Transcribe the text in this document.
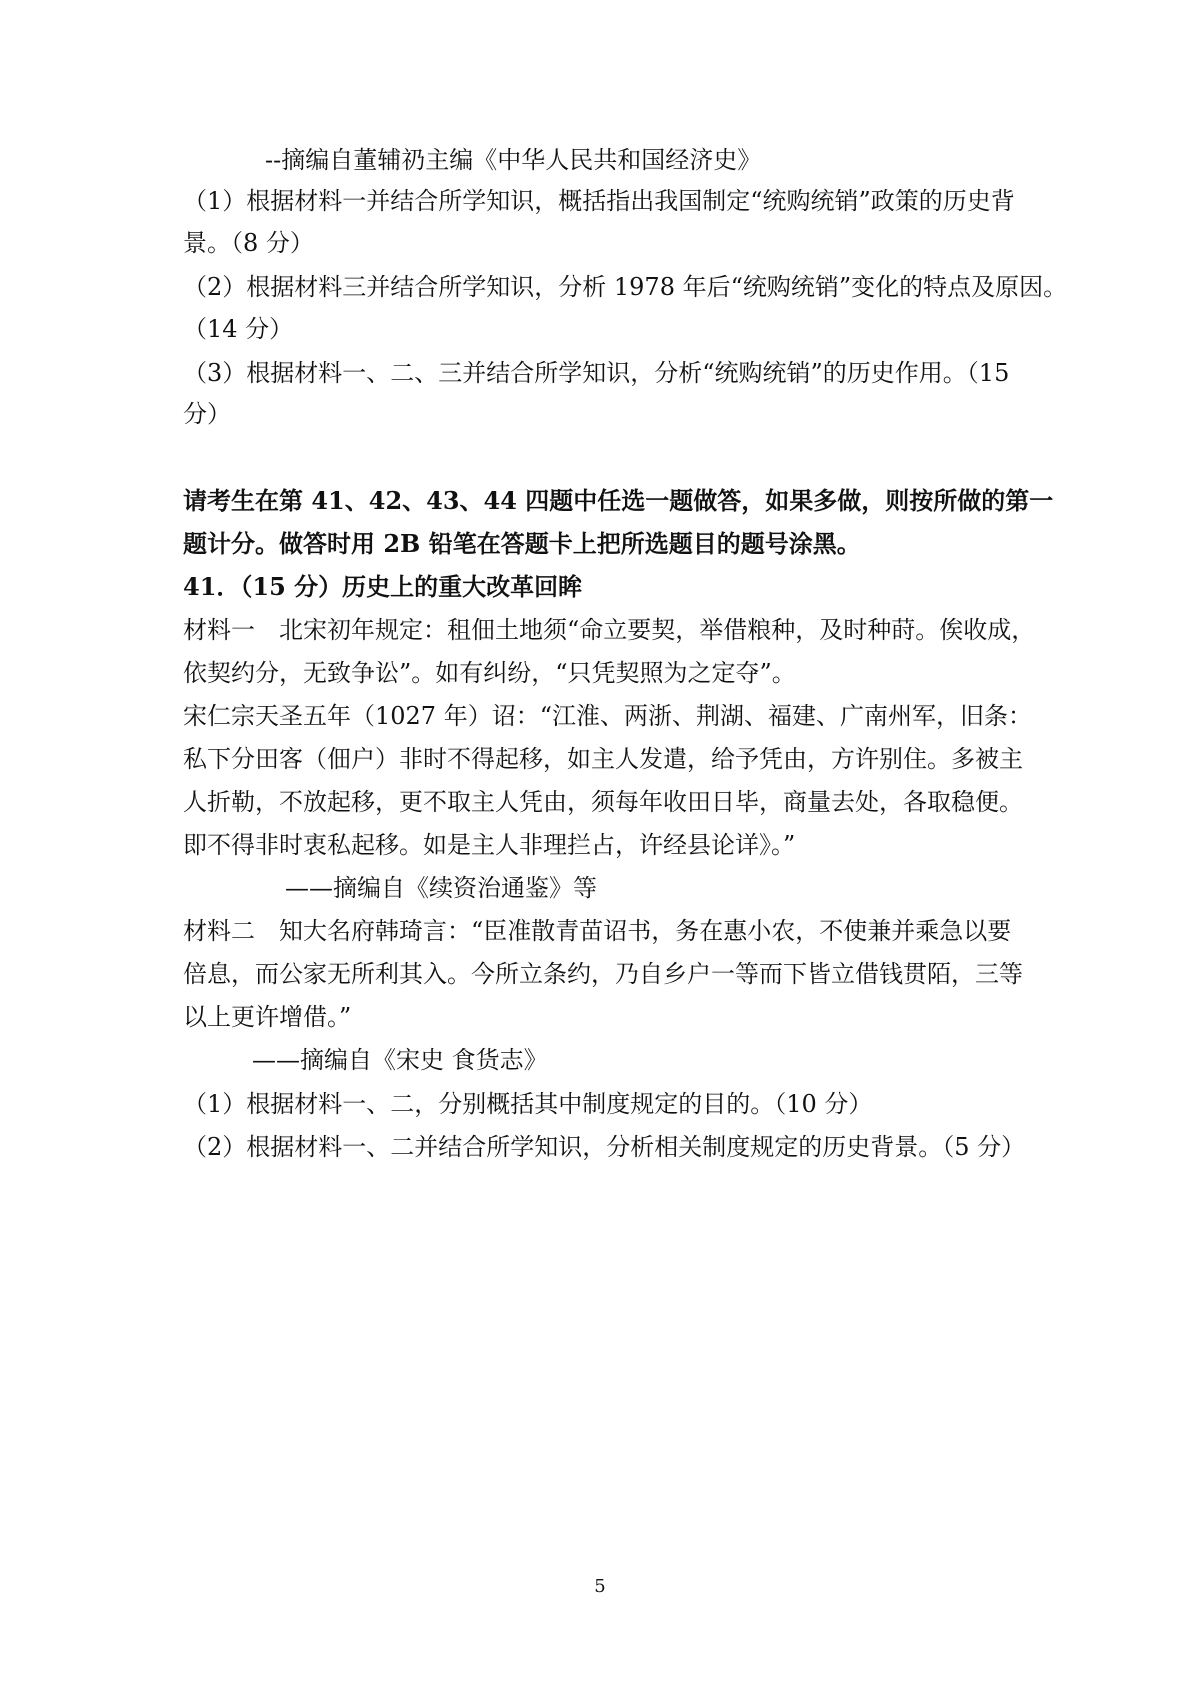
--摘编自董辅礽主编《中华人民共和国经济史》
（1）根据材料一并结合所学知识，概括指出我国制定“统购统销”政策的历史背
景。（8 分）
（2）根据材料三并结合所学知识，分析 1978 年后“统购统销”变化的特点及原因。
（14 分）
（3）根据材料一、二、三并结合所学知识，分析“统购统销”的历史作用。（15
分）
请考生在第 41、42、43、44 四题中任选一题做答，如果多做，则按所做的第一
题计分。做答时用 2B 铅笔在答题卡上把所选题目的题号涂黑。
41．（15 分）历史上的重大改革回眸
材料一　北宋初年规定：租佃土地须“命立要契，举借粮种，及时种莳。俟收成，
依契约分，无致争讼”。如有纠纷，“只凭契照为之定夺”。
宋仁宗天圣五年（1027 年）诏：“江淮、两浙、荆湖、福建、广南州军，旧条：
私下分田客（佃户）非时不得起移，如主人发遣，给予凭由，方许别住。多被主
人折勒，不放起移，更不取主人凭由，须每年收田日毕，商量去处，各取稳便。
即不得非时衷私起移。如是主人非理拦占，许经县论详》。”
——摘编自《续资治通鉴》等
材料二　知大名府韩琦言：“臣准散青苗诏书，务在惠小农，不使兼并乘急以要
倍息，而公家无所利其入。今所立条约，乃自乡户一等而下皆立借钱贯陌，三等
以上更许增借。”
——摘编自《宋史 食货志》
（1）根据材料一、二，分别概括其中制度规定的目的。（10 分）
（2）根据材料一、二并结合所学知识，分析相关制度规定的历史背景。（5 分）
5
